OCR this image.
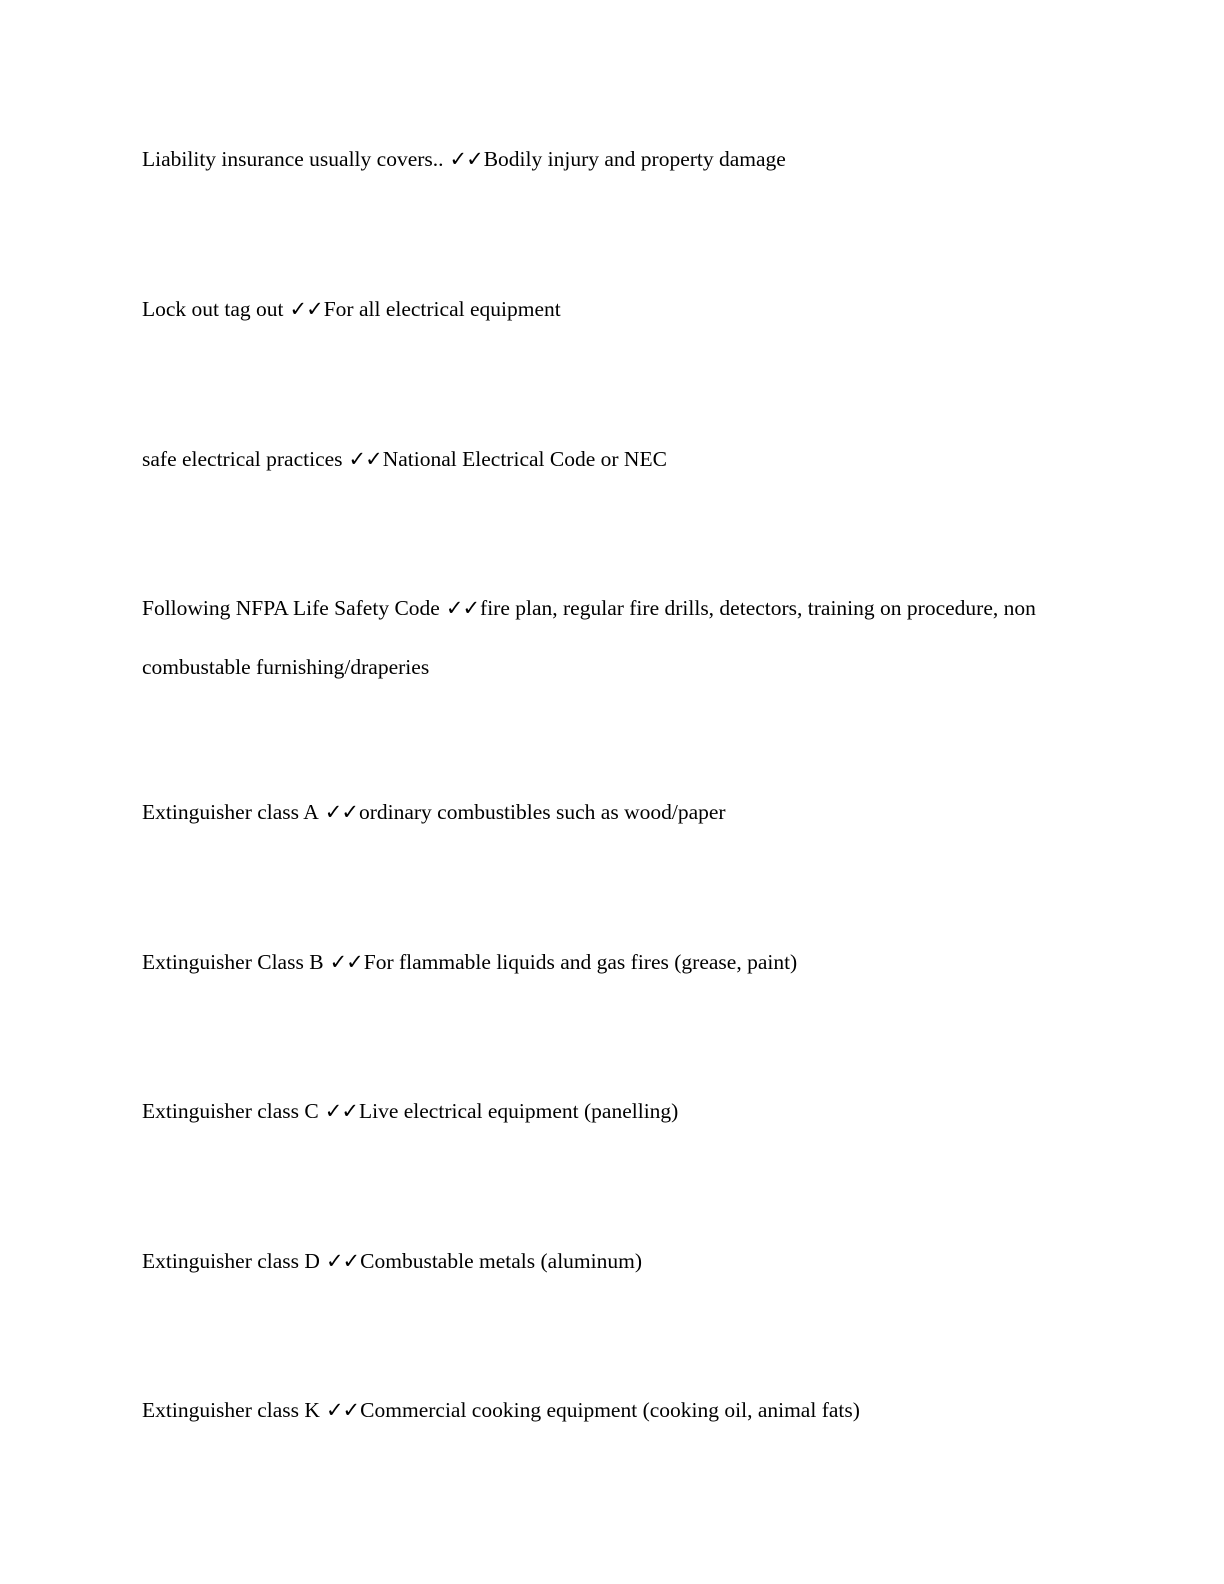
Liability insurance usually covers.. ✓✓Bodily injury and property damage
Lock out tag out ✓✓For all electrical equipment
safe electrical practices ✓✓National Electrical Code or NEC
Following NFPA Life Safety Code ✓✓fire plan, regular fire drills, detectors, training on procedure, non combustable furnishing/draperies
Extinguisher class A ✓✓ordinary combustibles such as wood/paper
Extinguisher Class B ✓✓For flammable liquids and gas fires (grease, paint)
Extinguisher class C ✓✓Live electrical equipment (panelling)
Extinguisher class D ✓✓Combustable metals (aluminum)
Extinguisher class K ✓✓Commercial cooking equipment (cooking oil, animal fats)
